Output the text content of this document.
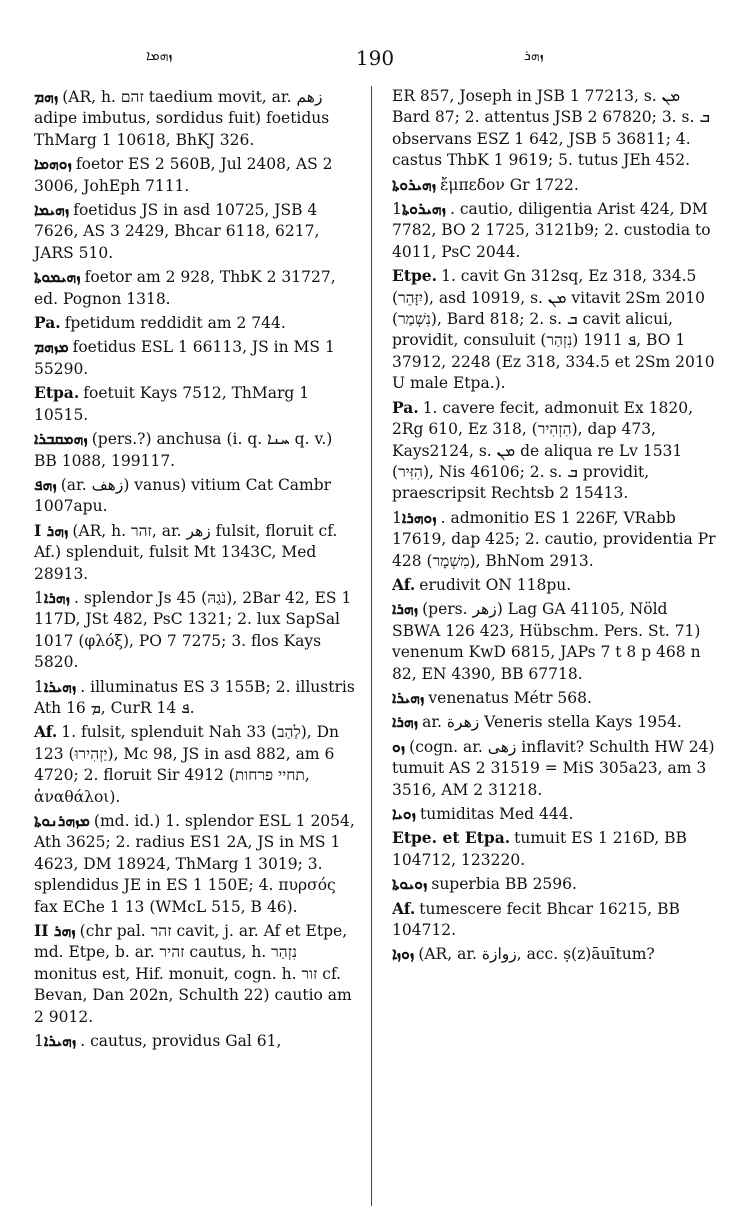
ܙܗܡܐ	190	ܙܗܪ
ܙܗܡ (AR, h. זהם taedium movit, ar. زهم adipe imbutus, sordidus fuit) foetidus ThMarg 1 10618, BhKJ 326.
ܙܘܗܡܐ foetor ES 2 560B, Jul 2408, AS 2 3006, JohEph 7111.
ܙܗܝܡܐ foetidus JS in asd 10725, JSB 4 7626, AS 3 2429, Bhcar 6118, 6217, JARS 510.
ܙܗܝܡܘܬܐ foetor am 2 928, ThbK 2 31727, ed. Pognon 1318.
Pa. fpetidum reddidit am 2 744.
ܡܙܗܡ foetidus ESL 1 66113, JS in MS 1 55290.
Etpa. foetuit Kays 7512, ThMarg 1 10515.
ܙܗܡܩܒܪܐ (pers.?) anchusa (i. q. ܚܢܐ q. v.) BB 1088, 199117.
ܙܗܦ (ar. زهف) vanus) vitium Cat Cambr 1007apu.
I ܙܗܪ (AR, h. זהר, ar. زهر fulsit, floruit cf. Af.) splenduit, fulsit Mt 1343C, Med 28913.
ܙܗܪܐ1. splendor Js 45 (נֹגַהּ), 2Bar 42, ES 1 117D, JSt 482, PsC 1321; 2. lux SapSal 1017 (φλόξ), PO 7 7275; 3. flos Kays 5820.
ܙܗܝܪܐ1. illuminatus ES 3 155B; 2. illustris Ath ܡ 16, CurR ܦ 14.
Af. 1. fulsit, splenduit Nah 33 (לַהַב), Dn 123 (יַזְהִירוּ), Mc 98, JS in asd 882, am 6 4720; 2. floruit Sir 4912 (תחיי פרחות, ἀναθάλοι).
ܡܙܗܪܢܘܬܐ (md. id.) 1. splendor ESL 1 2054, Ath 3625; 2. radius ES1 2A, JS in MS 1 4623, DM 18924, ThMarg 1 3019; 3. splendidus JE in ES 1 150E; 4. πυρσός fax EChe 1 13 (WMcL 515, B 46).
II ܙܗܪ (chr pal. זהר cavit, j. ar. Af et Etpe, md. Etpe, b. ar. זהיר cautus, h. נִזְהַר monitus est, Hif. monuit, cogn. h. זור cf. Bevan, Dan 202n, Schulth 22) cautio am 2 9012.
ܙܗܝܪܐ1. cautus, providus Gal 61,
ER 857, Joseph in JSB 1 77213, s. ܡܢ Bard 87; 2. attentus JSB 2 67820; 3. s. ܒ observans ESZ 1 642, JSB 5 36811; 4. castus ThbK 1 9619; 5. tutus JEh 452.
ܙܗܝܪܘܬܐ ἔμπεδον Gr 1722.
ܙܗܝܪܘܬܐ1. cautio, diligentia Arist 424, DM 7782, BO 2 1725, 3121b9; 2. custodia to 4011, PsC 2044.
Etpe. 1. cavit Gn 312sq, Ez 318, 334.5 (יִזָּהֵר), asd 10919, s. ܡܢ vitavit 2Sm 2010 (נִשְׁמַר), Bard 818; 2. s. ܒ cavit alicui, providit, consuluit ܦ 1911 (נִזְהַר), BO 1 37912, 2248 (Ez 318, 334.5 et 2Sm 2010 U male Etpa.).
Pa. 1. cavere fecit, admonuit Ex 1820, 2Rg 610, Ez 318, (הִזְהִיר), dap 473, Kays2124, s. ܡܢ de aliqua re Lv 1531 (הִזִּיר), Nis 46106; 2. s. ܒ providit, praescripsit Rechtsb 2 15413.
ܙܘܗܪܐ1. admonitio ES 1 226F, VRabb 17619, dap 425; 2. cautio, providentia Pr 428 (מִשְׁמָר), BhNom 2913.
Af. erudivit ON 118pu.
ܙܗܪܐ (pers. زهر) Lag GA 41105, Nöld SBWA 126 423, Hübschm. Pers. St. 71) venenum KwD 6815, JAPs 7 t 8 p 468 n 82, EN 4390, BB 67718.
ܙܗܝܪܐ venenatus Métr 568.
ܙܗܪܐ ar. زهرة Veneris stella Kays 1954.
ܙܘ (cogn. ar. زهى inflavit? Schulth HW 24) tumuit AS 2 31519 = MiS 305a23, am 3 3516, AM 2 31218.
ܙܘܝܐ tumiditas Med 444.
Etpe. et Etpa. tumuit ES 1 216D, BB 104712, 123220.
ܙܘܝܘܬܐ superbia BB 2596.
Af. tumescere fecit Bhcar 16215, BB 104712.
ܙܘܙܐ (AR, ar. زوازة, acc. ṣ(z)āuītum?
